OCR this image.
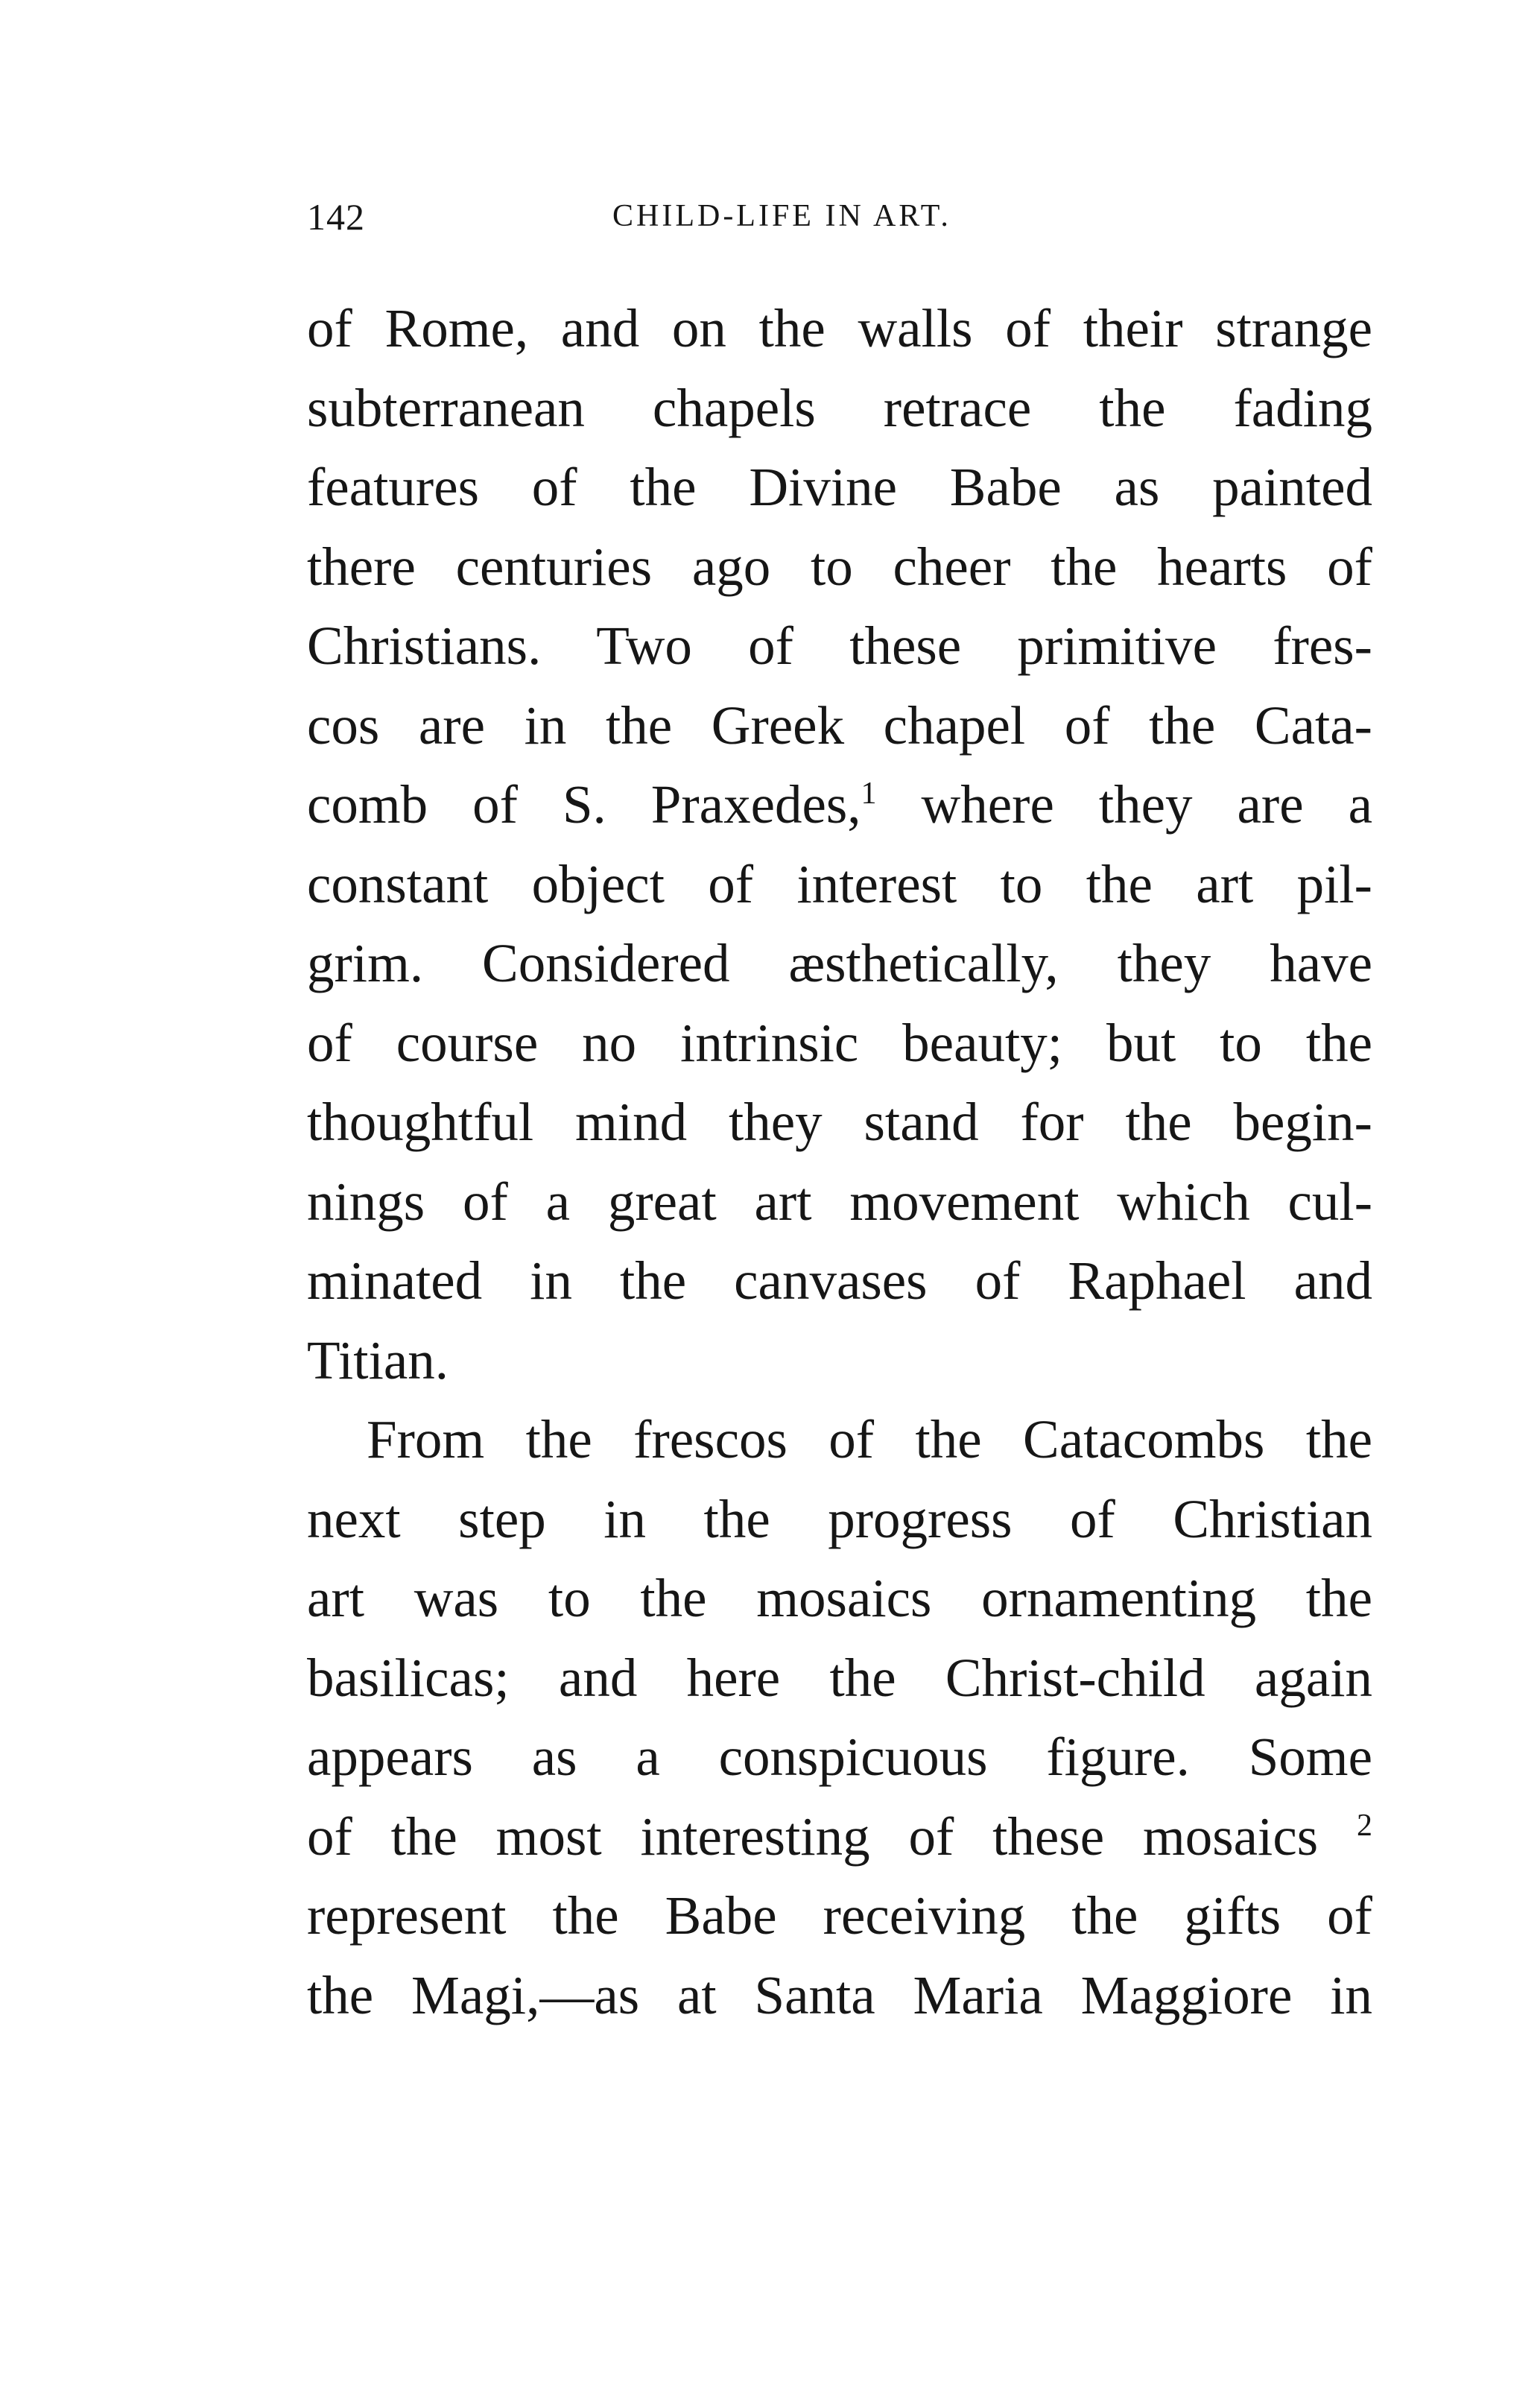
142	CHILD-LIFE IN ART.
of Rome, and on the walls of their strange
subterranean chapels retrace the fading
features of the Divine Babe as painted
there centuries ago to cheer the hearts of
Christians. Two of these primitive fres-
cos are in the Greek chapel of the Cata-
comb of S. Praxedes,$^1$ where they are a
constant object of interest to the art pil-
grim. Considered æsthetically, they have
of course no intrinsic beauty; but to the
thoughtful mind they stand for the begin-
nings of a great art movement which cul-
minated in the canvases of Raphael and
Titian.
From the frescos of the Catacombs the
next step in the progress of Christian
art was to the mosaics ornamenting the
basilicas; and here the Christ-child again
appears as a conspicuous figure. Some
of the most interesting of these mosaics $^2$
represent the Babe receiving the gifts of
the Magi,—as at Santa Maria Maggiore in
